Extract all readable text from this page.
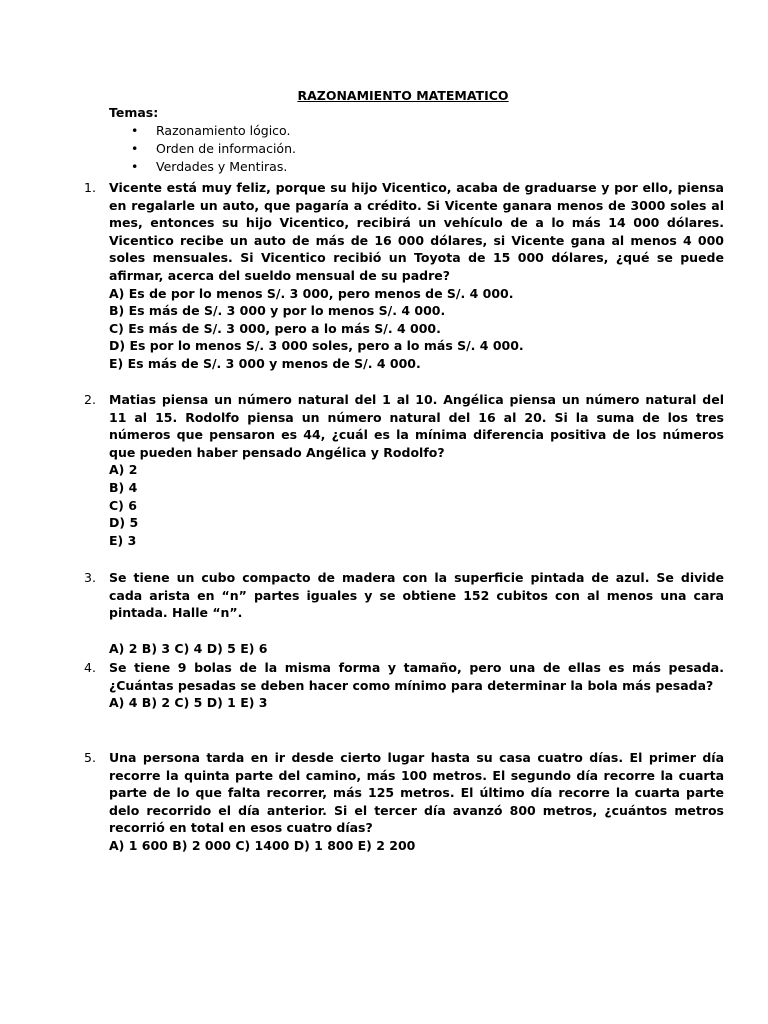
RAZONAMIENTO MATEMATICO
Temas:
• Razonamiento lógico.
• Orden de información.
• Verdades y Mentiras.
1. Vicente está muy feliz, porque su hijo Vicentico, acaba de graduarse y por ello, piensa en regalarle un auto, que pagaría a crédito. Si Vicente ganara menos de 3000 soles al mes, entonces su hijo Vicentico, recibirá un vehículo de a lo más 14 000 dólares. Vicentico recibe un auto de más de 16 000 dólares, si Vicente gana al menos 4 000 soles mensuales. Si Vicentico recibió un Toyota de 15 000 dólares, ¿qué se puede afirmar, acerca del sueldo mensual de su padre?
A) Es de por lo menos S/. 3 000, pero menos de S/. 4 000.
B) Es más de S/. 3 000 y por lo menos S/. 4 000.
C) Es más de S/. 3 000, pero a lo más S/. 4 000.
D) Es por lo menos S/. 3 000 soles, pero a lo más S/. 4 000.
E) Es más de S/. 3 000 y menos de S/. 4 000.
2. Matias piensa un número natural del 1 al 10. Angélica piensa un número natural del 11 al 15. Rodolfo piensa un número natural del 16 al 20. Si la suma de los tres números que pensaron es 44, ¿cuál es la mínima diferencia positiva de los números que pueden haber pensado Angélica y Rodolfo?
A) 2
B) 4
C) 6
D) 5
E) 3
3. Se tiene un cubo compacto de madera con la superficie pintada de azul. Se divide cada arista en “n” partes iguales y se obtiene 152 cubitos con al menos una cara pintada. Halle “n”.
A) 2 B) 3 C) 4 D) 5 E) 6
4. Se tiene 9 bolas de la misma forma y tamaño, pero una de ellas es más pesada. ¿Cuántas pesadas se deben hacer como mínimo para determinar la bola más pesada?
A) 4 B) 2 C) 5 D) 1 E) 3
5. Una persona tarda en ir desde cierto lugar hasta su casa cuatro días. El primer día recorre la quinta parte del camino, más 100 metros. El segundo día recorre la cuarta parte de lo que falta recorrer, más 125 metros. El último día recorre la cuarta parte delo recorrido el día anterior. Si el tercer día avanzó 800 metros, ¿cuántos metros recorrió en total en esos cuatro días?
A) 1 600 B) 2 000 C) 1400 D) 1 800 E) 2 200
